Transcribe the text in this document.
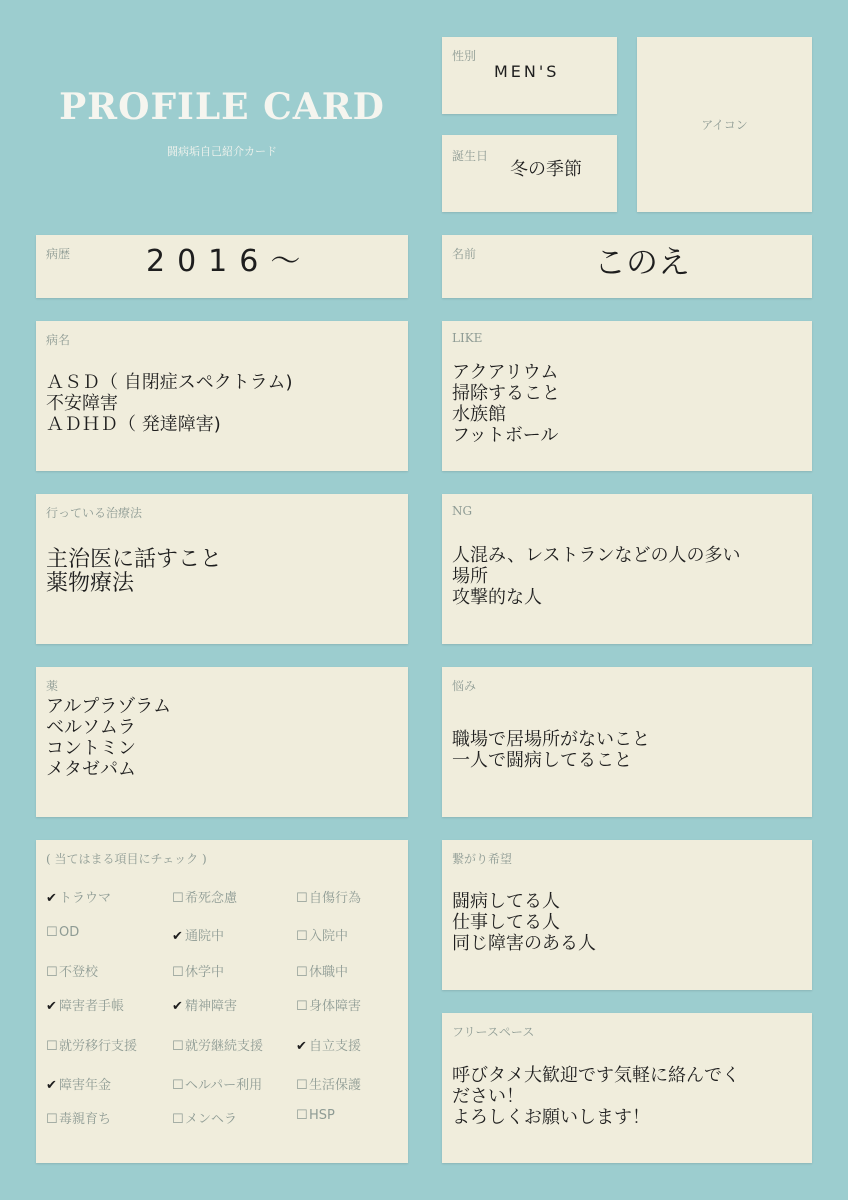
PROFILE CARD
闘病垢自己紹介カード
性別
MEN'S
誕生日
冬の季節
アイコン
病歴	2016～	名前	このえ
病名
ＡＳＤ（ 自閉症スペクトラム)
不安障害
ＡＤＨＤ（ 発達障害)
LIKE
アクアリウム
掃除すること
水族館
フットボール
行っている治療法
主治医に話すこと
薬物療法
NG
人混み、レストランなどの人の多い
場所
攻撃的な人
薬
アルプラゾラム
ベルソムラ
コントミン
メタゼパム
悩み
職場で居場所がないこと
一人で闘病してること
( 当てはまる項目にチェック )
✔ トラウマ	☐希死念慮	☐自傷行為
☐OD	✔ 通院中	☐入院中
☐不登校	☐休学中	☐休職中
✔ 障害者手帳	✔ 精神障害	☐身体障害
☐就労移行支援	☐就労継続支援	✔ 自立支援
✔ 障害年金	☐ヘルパー利用	☐生活保護
☐毒親育ち	☐メンヘラ	☐HSP
繋がり希望
闘病してる人
仕事してる人
同じ障害のある人
フリースペース
呼びタメ大歓迎です気軽に絡んでく
ださい！
よろしくお願いします！
